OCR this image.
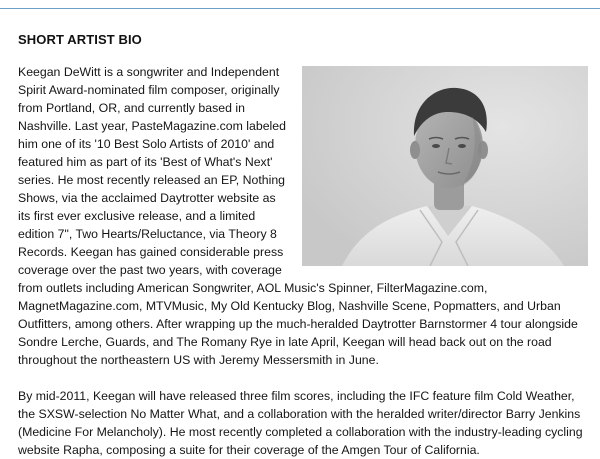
SHORT ARTIST BIO

Keegan DeWitt is a songwriter and Independent Spirit Award-nominated film composer, originally from Portland, OR, and currently based in Nashville. Last year, PasteMagazine.com labeled him one of its '10 Best Solo Artists of 2010' and featured him as part of its 'Best of What's Next' series. He most recently released an EP, Nothing Shows, via the acclaimed Daytrotter website as its first ever exclusive release, and a limited edition 7", Two Hearts/Reluctance, via Theory 8 Records. Keegan has gained considerable press coverage over the past two years, with coverage from outlets including American Songwriter, AOL Music's Spinner, FilterMagazine.com, MagnetMagazine.com, MTVMusic, My Old Kentucky Blog, Nashville Scene, Popmatters, and Urban Outfitters, among others. After wrapping up the much-heralded Daytrotter Barnstormer 4 tour alongside Sondre Lerche, Guards, and The Romany Rye in late April, Keegan will head back out on the road throughout the northeastern US with Jeremy Messersmith in June.

By mid-2011, Keegan will have released three film scores, including the IFC feature film Cold Weather, the SXSW-selection No Matter What, and a collaboration with the heralded writer/director Barry Jenkins (Medicine For Melancholy). He most recently completed a collaboration with the industry-leading cycling website Rapha, composing a suite for their coverage of the Amgen Tour of California.
